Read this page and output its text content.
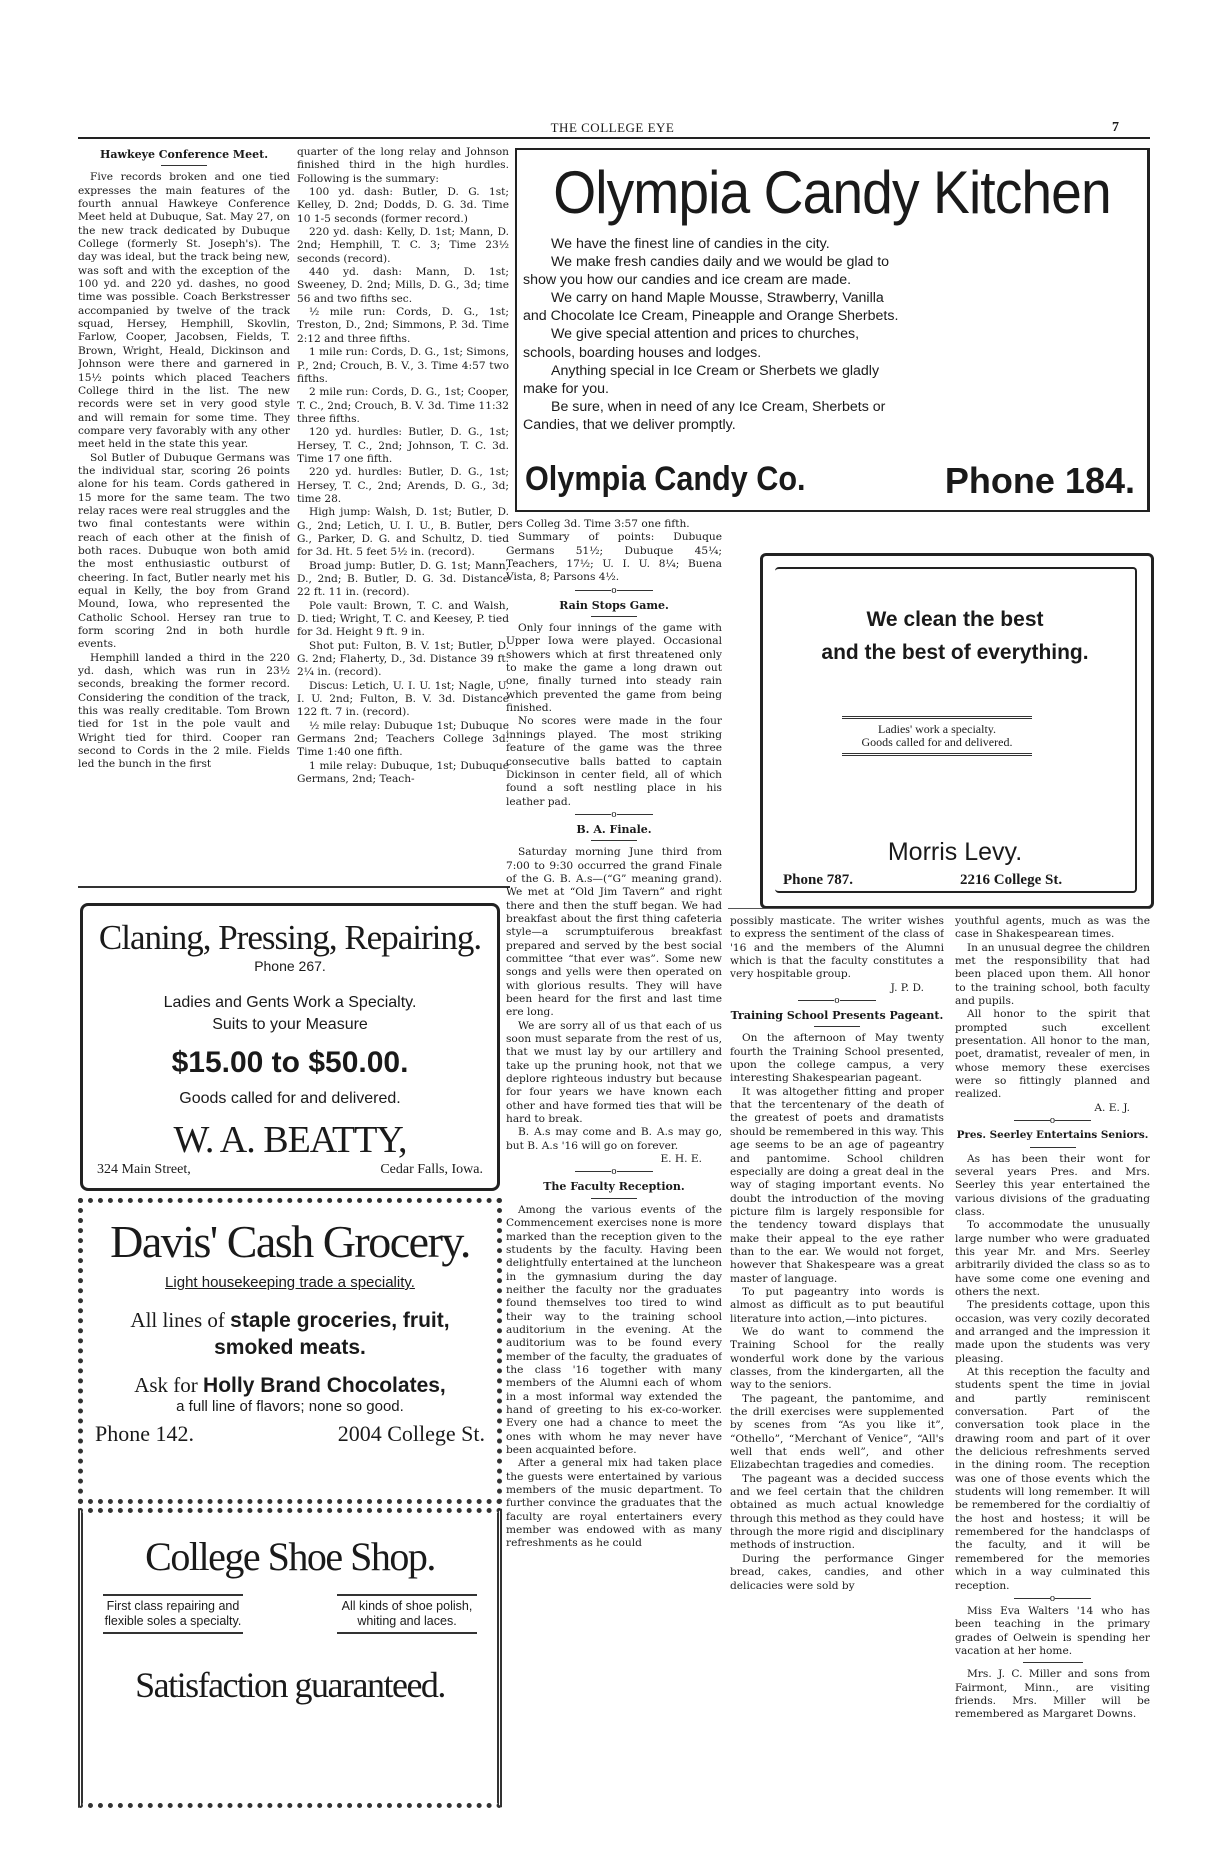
THE COLLEGE EYE	7
Hawkeye Conference Meet.

Five records broken and one tied expresses the main features of the fourth annual Hawkeye Conference Meet held at Dubuque, Sat. May 27, on the new track dedicated by Dubuque College (formerly St. Joseph's). The day was ideal, but the track being new, was soft and with the exception of the 100 yd. and 220 yd. dashes, no good time was possible. Coach Berkstresser accompanied by twelve of the track squad, Hersey, Hemphill, Skovlin, Farlow, Cooper, Jacobsen, Fields, T. Brown, Wright, Heald, Dickinson and Johnson were there and garnered in 15½ points which placed Teachers College third in the list. The new records were set in very good style and will remain for some time. They compare very favorably with any other meet held in the state this year.

Sol Butler of Dubuque Germans was the individual star, scoring 26 points alone for his team. Cords gathered in 15 more for the same team. The two relay races were real struggles and the two final contestants were within reach of each other at the finish of both races. Dubuque won both amid the most enthusiastic outburst of cheering. In fact, Butler nearly met his equal in Kelly, the boy from Grand Mound, Iowa, who represented the Catholic School. Hersey ran true to form scoring 2nd in both hurdle events.

Hemphill landed a third in the 220 yd. dash, which was run in 23½ seconds, breaking the former record. Considering the condition of the track, this was really creditable. Tom Brown tied for 1st in the pole vault and Wright tied for third. Cooper ran second to Cords in the 2 mile. Fields led the bunch in the first

quarter of the long relay and Johnson finished third in the high hurdles. Following is the summary:

100 yd. dash: Butler, D. G. 1st; Kelley, D. 2nd; Dodds, D. G. 3d. Time 10 1-5 seconds (former record.)

220 yd. dash: Kelly, D. 1st; Mann, D. 2nd; Hemphill, T. C. 3; Time 23½ seconds (record).

440 yd. dash: Mann, D. 1st; Sweeney, D. 2nd; Mills, D. G., 3d; time 56 and two fifths sec.

½ mile run: Cords, D. G., 1st; Treston, D., 2nd; Simmons, P. 3d. Time 2:12 and three fifths.

1 mile run: Cords, D. G., 1st; Simons, P., 2nd; Crouch, B. V., 3. Time 4:57 two fifths.

2 mile run: Cords, D. G., 1st; Cooper, T. C., 2nd; Crouch, B. V. 3d. Time 11:32 three fifths.

120 yd. hurdles: Butler, D. G., 1st; Hersey, T. C., 2nd; Johnson, T. C. 3d. Time 17 one fifth.

220 yd. hurdles: Butler, D. G., 1st; Hersey, T. C., 2nd; Arends, D. G., 3d; time 28.

High jump: Walsh, D. 1st; Butler, D. G., 2nd; Letich, U. I. U., B. Butler, D. G., Parker, D. G. and Schultz, D. tied for 3d. Ht. 5 feet 5½ in. (record).

Broad jump: Butler, D. G. 1st; Mann, D., 2nd; B. Butler, D. G. 3d. Distance 22 ft. 11 in. (record).

Pole vault: Brown, T. C. and Walsh, D. tied; Wright, T. C. and Keesey, P. tied for 3d. Height 9 ft. 9 in.

Shot put: Fulton, B. V. 1st; Butler, D. G. 2nd; Flaherty, D., 3d. Distance 39 ft. 2¼ in. (record).

Discus: Letich, U. I. U. 1st; Nagle, U. I. U. 2nd; Fulton, B. V. 3d. Distance 122 ft. 7 in. (record).

½ mile relay: Dubuque 1st; Dubuque Germans 2nd; Teachers College 3d. Time 1:40 one fifth.

1 mile relay: Dubuque, 1st; Dubuque Germans, 2nd; Teach-

Olympia Candy Kitchen
We have the finest line of candies in the city.
We make fresh candies daily and we would be glad to
show you how our candies and ice cream are made.
We carry on hand Maple Mousse, Strawberry, Vanilla
and Chocolate Ice Cream, Pineapple and Orange Sherbets.
We give special attention and prices to churches,
schools, boarding houses and lodges.
Anything special in Ice Cream or Sherbets we gladly
make for you.
Be sure, when in need of any Ice Cream, Sherbets or
Candies, that we deliver promptly.
Olympia Candy Co.	Phone 184.

ers Colleg 3d. Time 3:57 one fifth.

Summary of points: Dubuque Germans 51½; Dubuque 45¼; Teachers, 17½; U. I. U. 8¼; Buena Vista, 8; Parsons 4½.

o
Rain Stops Game.

Only four innings of the game with Upper Iowa were played. Occasional showers which at first threatened only to make the game a long drawn out one, finally turned into steady rain which prevented the game from being finished.

No scores were made in the four innings played. The most striking feature of the game was the three consecutive balls batted to captain Dickinson in center field, all of which found a soft nestling place in his leather pad.

o
B. A. Finale.

Saturday morning June third from 7:00 to 9:30 occurred the grand Finale of the G. B. A.s—(“G” meaning grand). We met at “Old Jim Tavern” and right there and then the stuff began. We had breakfast about the first thing cafeteria style—a scrumptuiferous breakfast prepared and served by the best social committee “that ever was”. Some new songs and yells were then operated on with glorious results. They will have been heard for the first and last time ere long.

We are sorry all of us that each of us soon must separate from the rest of us, that we must lay by our artillery and take up the pruning hook, not that we deplore righteous industry but because for four years we have known each other and have formed ties that will be hard to break.

B. A.s may come and B. A.s may go, but B. A.s '16 will go on forever.

E. H. E.

o
The Faculty Reception.

Among the various events of the Commencement exercises none is more marked than the reception given to the students by the faculty. Having been delightfully entertained at the luncheon in the gymnasium during the day neither the faculty nor the graduates found themselves too tired to wind their way to the training school auditorium in the evening. At the auditorium was to be found every member of the faculty, the graduates of the class '16 together with many members of the Alumni each of whom in a most informal way extended the hand of greeting to his ex-co-worker. Every one had a chance to meet the ones with whom he may never have been acquainted before.

After a general mix had taken place the guests were entertained by various members of the music department. To further convince the graduates that the faculty are royal entertainers every member was endowed with as many refreshments as he could

We clean the best
and the best of everything.
Ladies' work a specialty.
Goods called for and delivered.
Morris Levy.
Phone 787.	2216 College St.

possibly masticate. The writer wishes to express the sentiment of the class of '16 and the members of the Alumni which is that the faculty constitutes a very hospitable group.

J. P. D.

o
Training School Presents Pageant.

On the afternoon of May twenty fourth the Training School presented, upon the college campus, a very interesting Shakespearian pageant.

It was altogether fitting and proper that the tercentenary of the death of the greatest of poets and dramatists should be remembered in this way. This age seems to be an age of pageantry and pantomime. School children especially are doing a great deal in the way of staging important events. No doubt the introduction of the moving picture film is largely responsible for the tendency toward displays that make their appeal to the eye rather than to the ear. We would not forget, however that Shakespeare was a great master of language.

To put pageantry into words is almost as difficult as to put beautiful literature into action,—into pictures.

We do want to commend the Training School for the really wonderful work done by the various classes, from the kindergarten, all the way to the seniors.

The pageant, the pantomime, and the drill exercises were supplemented by scenes from “As you like it”, “Othello”, “Merchant of Venice”, “All's well that ends well”, and other Elizabechtan tragedies and comedies.

The pageant was a decided success and we feel certain that the children obtained as much actual knowledge through this method as they could have through the more rigid and disciplinary methods of instruction.

During the performance Ginger bread, cakes, candies, and other delicacies were sold by

youthful agents, much as was the case in Shakespearean times.

In an unusual degree the children met the responsibility that had been placed upon them. All honor to the training school, both faculty and pupils.

All honor to the spirit that prompted such excellent presentation. All honor to the man, poet, dramatist, revealer of men, in whose memory these exercises were so fittingly planned and realized.

A. E. J.

o
Pres. Seerley Entertains Seniors.

As has been their wont for several years Pres. and Mrs. Seerley this year entertained the various divisions of the graduating class.

To accommodate the unusually large number who were graduated this year Mr. and Mrs. Seerley arbitrarily divided the class so as to have some come one evening and others the next.

The presidents cottage, upon this occasion, was very cozily decorated and arranged and the impression it made upon the students was very pleasing.

At this reception the faculty and students spent the time in jovial and partly reminiscent conversation. Part of the conversation took place in the drawing room and part of it over the delicious refreshments served in the dining room. The reception was one of those events which the students will long remember. It will be remembered for the cordialtiy of the host and hostess; it will be remembered for the handclasps of the faculty, and it will be remembered for the memories which in a way culminated this reception.

o

Miss Eva Walters '14 who has been teaching in the primary grades of Oelwein is spending her vacation at her home.

Mrs. J. C. Miller and sons from Fairmont, Minn., are visiting friends. Mrs. Miller will be remembered as Margaret Downs.

Claning, Pressing, Repairing.
Phone 267.
Ladies and Gents Work a Specialty.
Suits to your Measure
$15.00 to $50.00.
Goods called for and delivered.
W. A. BEATTY,
324 Main Street,	Cedar Falls, Iowa.
Davis' Cash Grocery.
Light housekeeping trade a speciality.
All lines of staple groceries, fruit,
smoked meats.
Ask for Holly Brand Chocolates,
a full line of flavors; none so good.
Phone 142.	2004 College St.
College Shoe Shop.
First class repairing and flexible soles a specialty.
All kinds of shoe polish, whiting and laces.
Satisfaction guaranteed.
